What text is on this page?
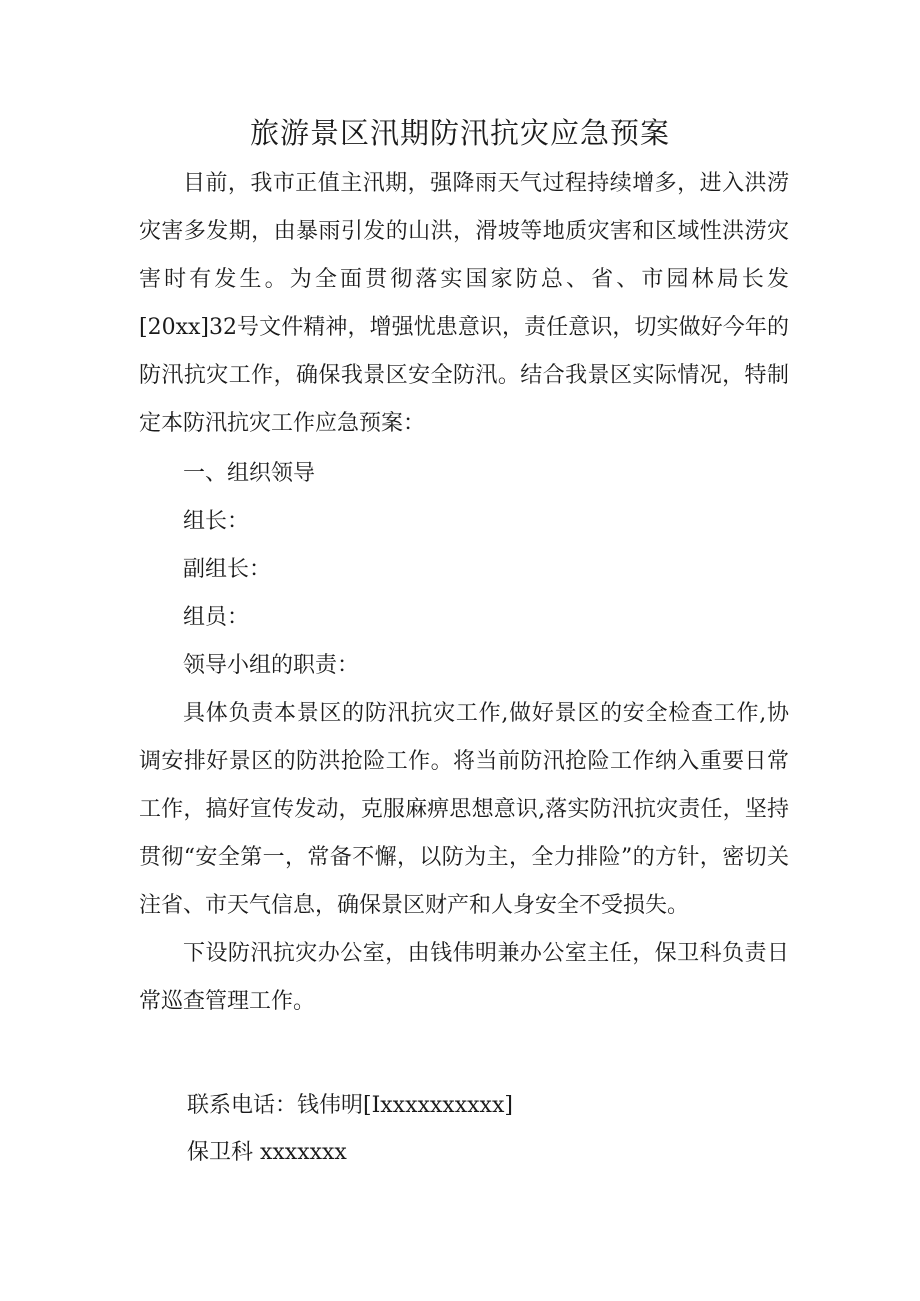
旅游景区汛期防汛抗灾应急预案

目前，我市正值主汛期，强降雨天气过程持续增多，进入洪涝灾害多发期，由暴雨引发的山洪，滑坡等地质灾害和区域性洪涝灾害时有发生。为全面贯彻落实国家防总、省、市园林局长发[20xx]32号文件精神，增强忧患意识，责任意识，切实做好今年的防汛抗灾工作，确保我景区安全防汛。结合我景区实际情况，特制定本防汛抗灾工作应急预案：

一、组织领导

组长：

副组长：

组员：

领导小组的职责：

具体负责本景区的防汛抗灾工作,做好景区的安全检查工作,协调安排好景区的防洪抢险工作。将当前防汛抢险工作纳入重要日常工作，搞好宣传发动，克服麻痹思想意识,落实防汛抗灾责任，坚持贯彻“安全第一，常备不懈，以防为主，全力排险”的方针，密切关注省、市天气信息，确保景区财产和人身安全不受损失。

下设防汛抗灾办公室，由钱伟明兼办公室主任，保卫科负责日常巡查管理工作。

联系电话：钱伟明[Ixxxxxxxxxx]

保卫科 xxxxxxx
